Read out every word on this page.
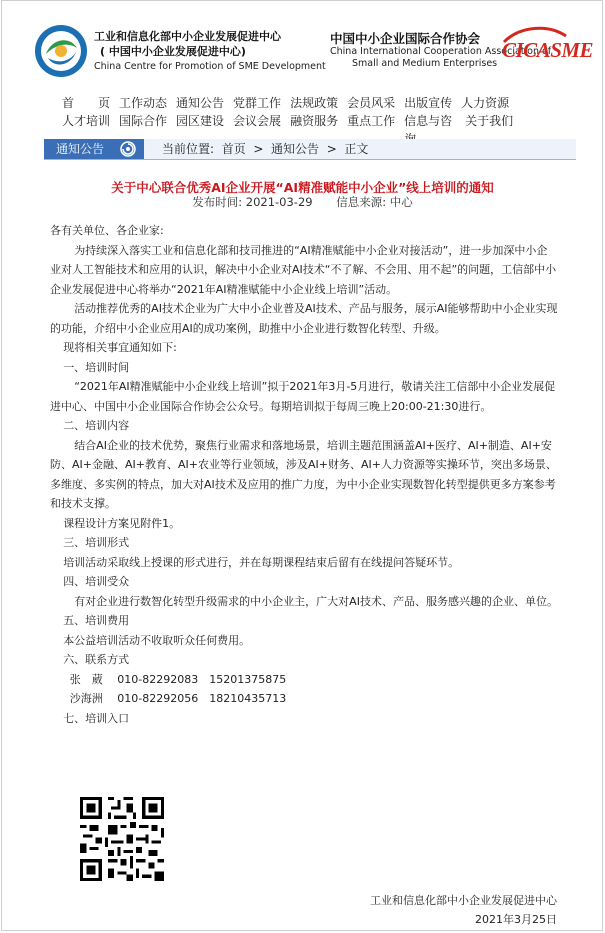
工业和信息化部中小企业发展促进中心
( 中国中小企业发展促进中心)
China Centre for Promotion of SME Development
中国中小企业国际合作协会
China International Cooperation Association of
Small and Medium Enterprises
CICASME
首　　页 工作动态 通知公告 党群工作 法规政策 会员风采 出版宣传 人力资源
人才培训 国际合作 园区建设 会议会展 融资服务 重点工作 信息与咨 关于我们
通知公告	当前位置: 首页 > 通知公告 > 正文
关于中心联合优秀AI企业开展“AI精准赋能中小企业”线上培训的通知
发布时间: 2021-03-29 信息来源: 中心

各有关单位、各企业家:

为持续深入落实工业和信息化部和技司推进的“AI精准赋能中小企业对接活动”，进一步加深中小企业对人工智能技术和应用的认识，解决中小企业对AI技术“不了解、不会用、用不起”的问题，工信部中小企业发展促进中心将举办“2021年AI精准赋能中小企业线上培训”活动。

活动推荐优秀的AI技术企业为广大中小企业普及AI技术、产品与服务，展示AI能够帮助中小企业实现的功能，介绍中小企业应用AI的成功案例，助推中小企业进行数智化转型、升级。

现将相关事宜通知如下:

一、培训时间

“2021年AI精准赋能中小企业线上培训”拟于2021年3月-5月进行，敬请关注工信部中小企业发展促进中心、中国中小企业国际合作协会公众号。每期培训拟于每周三晚上20:00-21:30进行。

二、培训内容

结合AI企业的技术优势，聚焦行业需求和落地场景，培训主题范围涵盖AI+医疗、AI+制造、AI+安防、AI+金融、AI+教育、AI+农业等行业领域，涉及AI+财务、AI+人力资源等实操环节，突出多场景、多维度、多实例的特点，加大对AI技术及应用的推广力度，为中小企业实现数智化转型提供更多方案参考和技术支撑。

课程设计方案见附件1。

三、培训形式

培训活动采取线上授课的形式进行，并在每期课程结束后留有在线提问答疑环节。

四、培训受众

有对企业进行数智化转型升级需求的中小企业主，广大对AI技术、产品、服务感兴趣的企业、单位。

五、培训费用

本公益培训活动不收取听众任何费用。

六、联系方式

张　葳　 010-82292083　15201375875

沙海洲　 010-82292056　18210435713

七、培训入口

工业和信息化部中小企业发展促进中心
2021年3月25日
